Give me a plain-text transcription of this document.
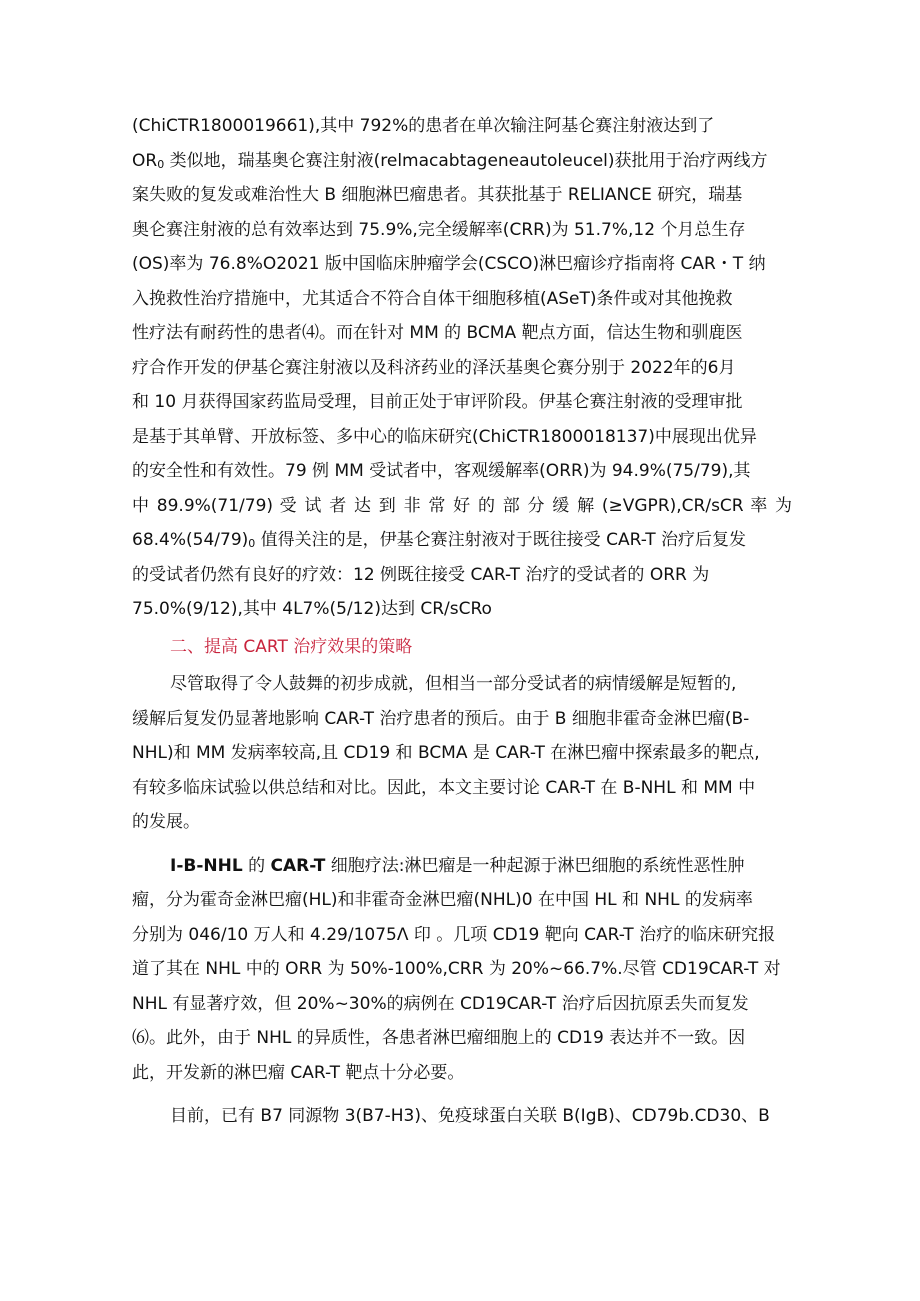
(ChiCTR1800019661),其中 792%的患者在单次输注阿基仑赛注射液达到了
$OR_0$ 类似地，瑞基奥仑赛注射液(relmacabtageneautoleucel)获批用于治疗两线方
案失败的复发或难治性大 B 细胞淋巴瘤患者。其获批基于 RELIANCE 研究，瑞基
奥仑赛注射液的总有效率达到 75.9%,完全缓解率(CRR)为 51.7%,12 个月总生存
(OS)率为 76.8%O2021 版中国临床肿瘤学会(CSCO)淋巴瘤诊疗指南将 CAR・T 纳
入挽救性治疗措施中，尤其适合不符合自体干细胞移植(ASeT)条件或对其他挽救
性疗法有耐药性的患者⑷。而在针对 MM 的 BCMA 靶点方面，信达生物和驯鹿医
疗合作开发的伊基仑赛注射液以及科济药业的泽沃基奥仑赛分别于 2022年的6月
和 10 月获得国家药监局受理，目前正处于审评阶段。伊基仑赛注射液的受理审批
是基于其单臂、开放标签、多中心的临床研究(ChiCTR1800018137)中展现出优异
的安全性和有效性。79 例 MM 受试者中，客观缓解率(ORR)为 94.9%(75/79),其
中 89.9%(71/79) 受 试 者 达 到 非 常 好 的 部 分 缓 解 (≥VGPR),CR/sCR 率 为
$68.4\%(54/79)_0$ 值得关注的是，伊基仑赛注射液对于既往接受 CAR-T 治疗后复发
的受试者仍然有良好的疗效：12 例既往接受 CAR-T 治疗的受试者的 ORR 为
75.0%(9/12),其中 4L7%(5/12)达到 CR/sCRo
二、提高 CART 治疗效果的策略
尽管取得了令人鼓舞的初步成就，但相当一部分受试者的病情缓解是短暂的,
缓解后复发仍显著地影响 CAR-T 治疗患者的预后。由于 B 细胞非霍奇金淋巴瘤(B-
NHL)和 MM 发病率较高,且 CD19 和 BCMA 是 CAR-T 在淋巴瘤中探索最多的靶点,
有较多临床试验以供总结和对比。因此，本文主要讨论 CAR-T 在 B-NHL 和 MM 中
的发展。
I-B-NHL 的 CAR-T 细胞疗法:淋巴瘤是一种起源于淋巴细胞的系统性恶性肿
瘤，分为霍奇金淋巴瘤(HL)和非霍奇金淋巴瘤(NHL)0 在中国 HL 和 NHL 的发病率
分别为 046/10 万人和 4.29/1075Λ 印 。几项 CD19 靶向 CAR-T 治疗的临床研究报
道了其在 NHL 中的 ORR 为 50%-100%,CRR 为 20%~66.7%.尽管 CD19CAR-T 对
NHL 有显著疗效，但 20%~30%的病例在 CD19CAR-T 治疗后因抗原丢失而复发
⑹。此外，由于 NHL 的异质性，各患者淋巴瘤细胞上的 CD19 表达并不一致。因
此，开发新的淋巴瘤 CAR-T 靶点十分必要。
目前，已有 B7 同源物 3(B7-H3)、免疫球蛋白关联 B(IgB)、CD79b.CD30、B
